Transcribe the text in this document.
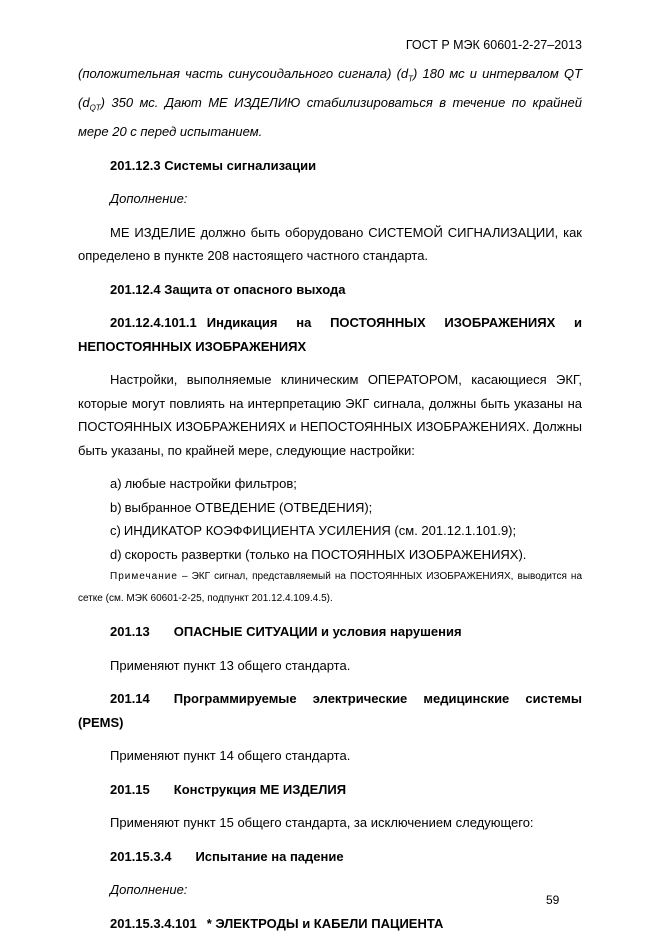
ГОСТ Р МЭК 60601-2-27–2013

(положительная часть синусоидального сигнала) $(d_T)$ 180 мс и интервалом QT $(d_{QT})$ 350 мс. Дают МЕ ИЗДЕЛИЮ стабилизироваться в течение по крайней мере 20 с перед испытанием.

201.12.3 Системы сигнализации

Дополнение:

МЕ ИЗДЕЛИЕ должно быть оборудовано СИСТЕМОЙ СИГНАЛИЗАЦИИ, как определено в пункте 208 настоящего частного стандарта.

201.12.4 Защита от опасного выхода

201.12.4.101.1 Индикация на ПОСТОЯННЫХ ИЗОБРАЖЕНИЯХ и НЕПОСТОЯННЫХ ИЗОБРАЖЕНИЯХ

Настройки, выполняемые клиническим ОПЕРАТОРОМ, касающиеся ЭКГ, которые могут повлиять на интерпретацию ЭКГ сигнала, должны быть указаны на ПОСТОЯННЫХ ИЗОБРАЖЕНИЯХ и НЕПОСТОЯННЫХ ИЗОБРАЖЕНИЯХ. Должны быть указаны, по крайней мере, следующие настройки:

а) любые настройки фильтров;

b) выбранное ОТВЕДЕНИЕ (ОТВЕДЕНИЯ);

c) ИНДИКАТОР КОЭФФИЦИЕНТА УСИЛЕНИЯ (см. 201.12.1.101.9);

d) скорость развертки (только на ПОСТОЯННЫХ ИЗОБРАЖЕНИЯХ).

Примечание – ЭКГ сигнал, представляемый на ПОСТОЯННЫХ ИЗОБРАЖЕНИЯХ, выводится на сетке (см. МЭК 60601-2-25, подпункт 201.12.4.109.4.5).

201.13 ОПАСНЫЕ СИТУАЦИИ и условия нарушения

Применяют пункт 13 общего стандарта.

201.14 Программируемые электрические медицинские системы (PEMS)

Применяют пункт 14 общего стандарта.

201.15 Конструкция МЕ ИЗДЕЛИЯ

Применяют пункт 15 общего стандарта, за исключением следующего:

201.15.3.4 Испытание на падение

Дополнение:

201.15.3.4.101 * ЭЛЕКТРОДЫ и КАБЕЛИ ПАЦИЕНТА

59
